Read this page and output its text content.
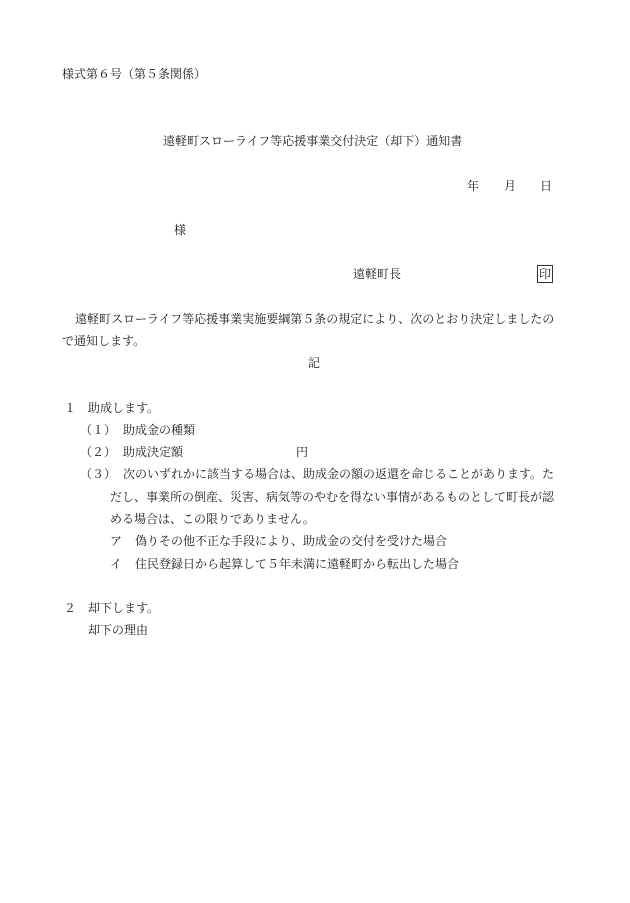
様式第６号（第５条関係）
遠軽町スローライフ等応援事業交付決定（却下）通知書
年 月 日
様
遠軽町長	印
遠軽町スローライフ等応援事業実施要綱第５条の規定により、次のとおり決定しましたの
で通知します。
記
１ 助成します。
（１） 助成金の種類
（２） 助成決定額	円
（３） 次のいずれかに該当する場合は、助成金の額の返還を命じることがあります。た
だし、事業所の倒産、災害、病気等のやむを得ない事情があるものとして町長が認
める場合は、この限りでありません。
ア 偽りその他不正な手段により、助成金の交付を受けた場合
イ 住民登録日から起算して５年未満に遠軽町から転出した場合
２ 却下します。
却下の理由
